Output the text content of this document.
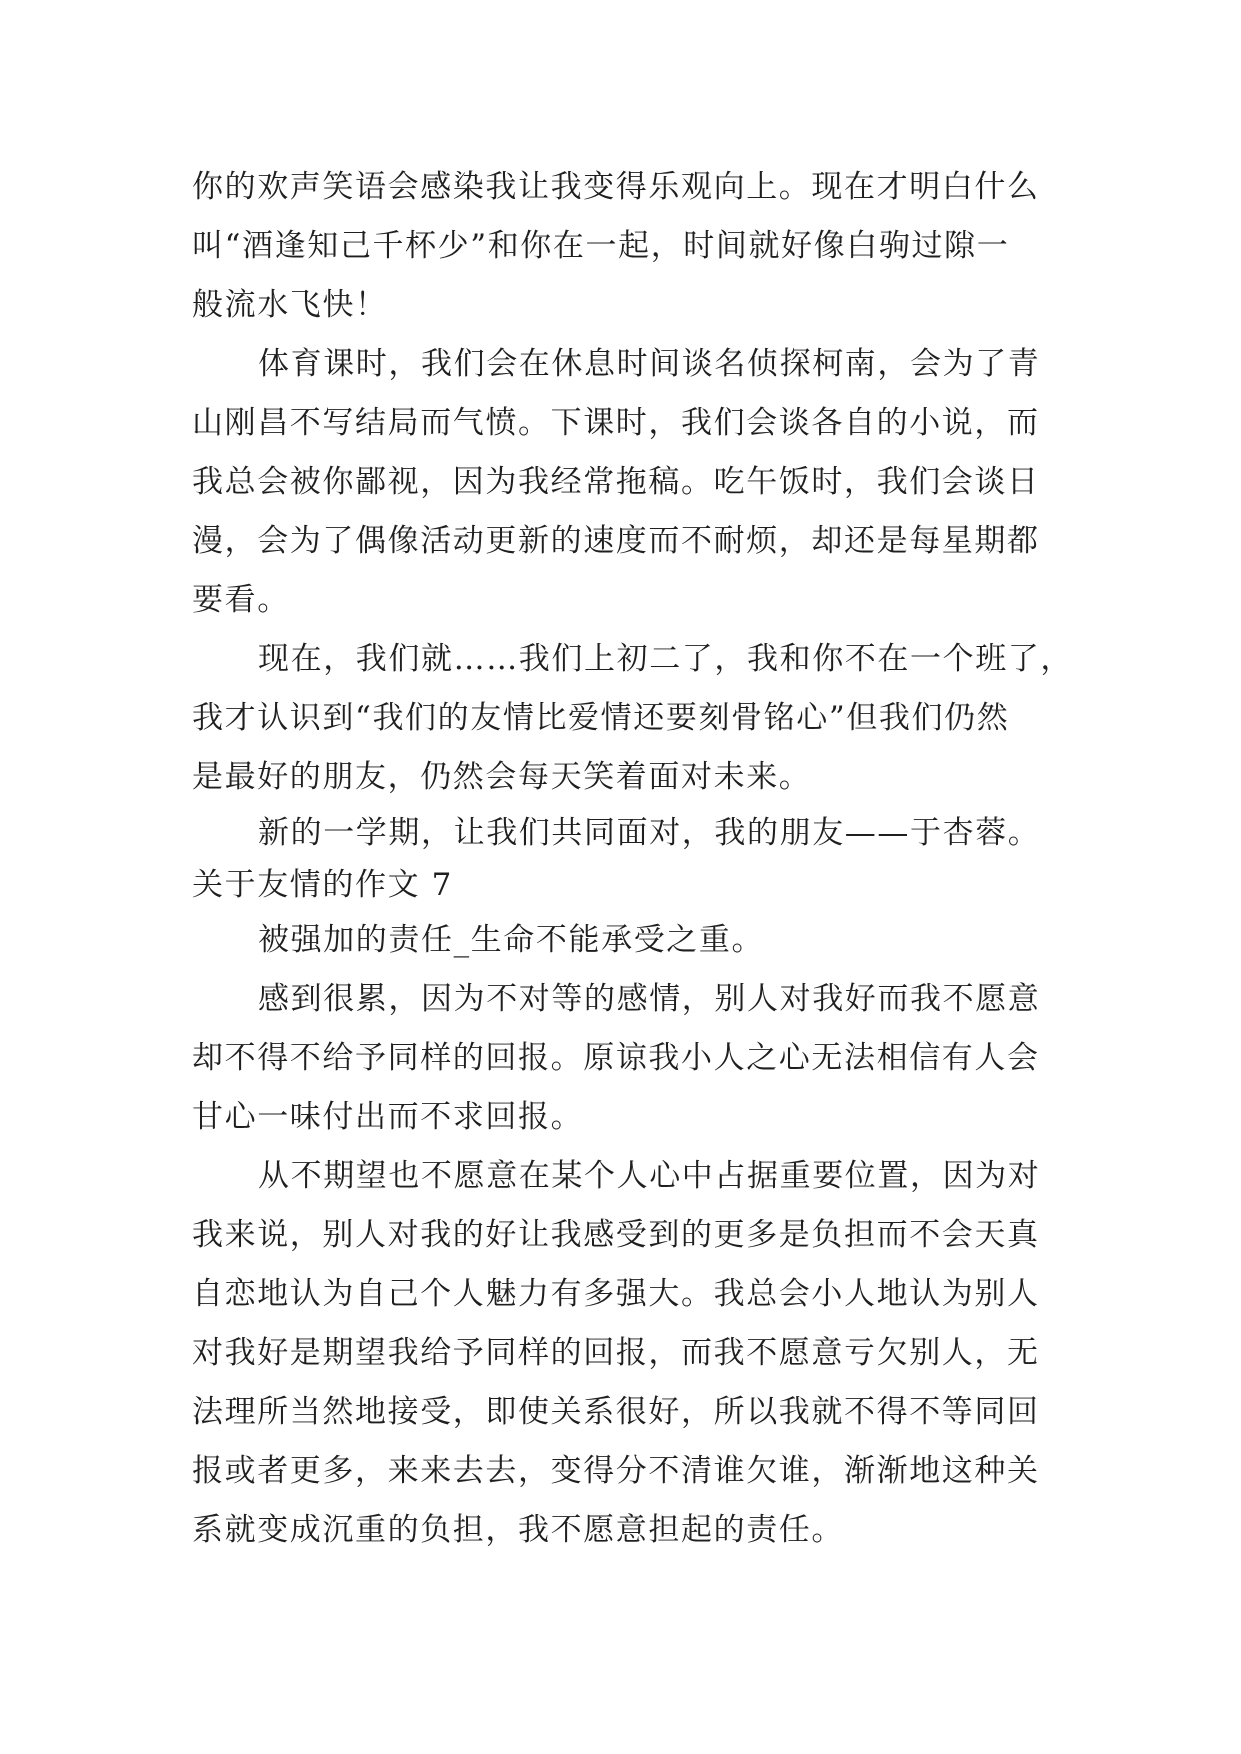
你的欢声笑语会感染我让我变得乐观向上。现在才明白什么
叫“酒逢知己千杯少”和你在一起，时间就好像白驹过隙一
般流水飞快！
体育课时，我们会在休息时间谈名侦探柯南，会为了青
山刚昌不写结局而气愤。下课时，我们会谈各自的小说，而
我总会被你鄙视，因为我经常拖稿。吃午饭时，我们会谈日
漫，会为了偶像活动更新的速度而不耐烦，却还是每星期都
要看。
现在，我们就……我们上初二了，我和你不在一个班了，
我才认识到“我们的友情比爱情还要刻骨铭心”但我们仍然
是最好的朋友，仍然会每天笑着面对未来。
新的一学期，让我们共同面对，我的朋友——于杏蓉。
关于友情的作文 7
被强加的责任_生命不能承受之重。
感到很累，因为不对等的感情，别人对我好而我不愿意
却不得不给予同样的回报。原谅我小人之心无法相信有人会
甘心一味付出而不求回报。
从不期望也不愿意在某个人心中占据重要位置，因为对
我来说，别人对我的好让我感受到的更多是负担而不会天真
自恋地认为自己个人魅力有多强大。我总会小人地认为别人
对我好是期望我给予同样的回报，而我不愿意亏欠别人，无
法理所当然地接受，即使关系很好，所以我就不得不等同回
报或者更多，来来去去，变得分不清谁欠谁，渐渐地这种关
系就变成沉重的负担，我不愿意担起的责任。
